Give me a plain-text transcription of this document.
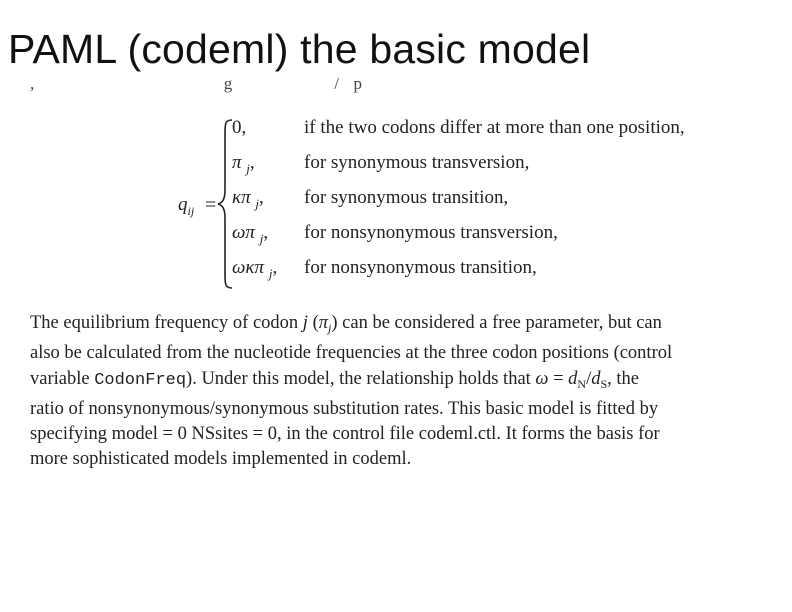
PAML (codeml) the basic model
,                              g                /  p
$q_{ij}$ =
0,	if the two codons differ at more than one position,
π $_j$,	for synonymous transversion,
κπ $_j$, for synonymous transition,
ωπ $_j$, for nonsynonymous transversion,
ωκπ $_j$, for nonsynonymous transition,
The equilibrium frequency of codon j $(\pi_j)$ can be considered a free parameter, but can
also be calculated from the nucleotide frequencies at the three codon positions (control
variable CodonFreq). Under this model, the relationship holds that $\omega = d_N/d_S$, the
ratio of nonsynonymous/synonymous substitution rates. This basic model is fitted by
specifying model = 0 NSsites = 0, in the control file codeml.ctl. It forms the basis for
more sophisticated models implemented in codeml.
